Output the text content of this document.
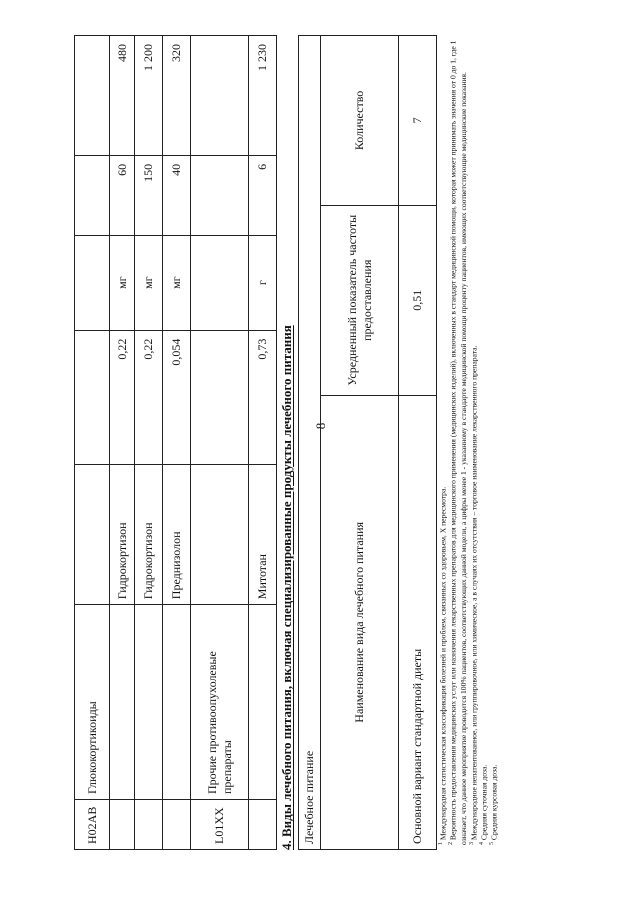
8
H02AB	Глюкокортикоиды					
		Гидрокортизон	0,22	мг	60	480
		Гидрокортизон	0,22	мг	150	1 200
		Преднизолон	0,054	мг	40	320
L01XX	Прочие противоопухолевые препараты					
		Митотан	0,73	г	6	1 230
4. Виды лечебного питания, включая специализированные продукты лечебного питания Лечебное питание		
Наименование вида лечебного питания	Усредненный показатель частоты предоставления	Количество
Основной вариант стандартной диеты	0,51	7
$^1$ Международная статистическая классификация болезней и проблем, связанных со здоровьем, X пересмотра.
$^2$ Вероятность предоставления медицинских услуг или назначения лекарственных препаратов для медицинского применения (медицинских изделий), включенных в стандарт медицинской помощи, которая может принимать значения от 0 до 1, где 1 означает, что данное мероприятие проводится 100% пациентов, соответствующих данной модели, а цифры менее 1 - указанному в стандарте медицинской помощи проценту пациентов, имеющих соответствующие медицинские показания. $^3$ Международное непатентованное, или группировочное, или химическое, а в случаях их отсутствия – торговое наименование лекарственного препарата.
$^4$ Средняя суточная доза.
$^5$ Средняя курсовая доза.
